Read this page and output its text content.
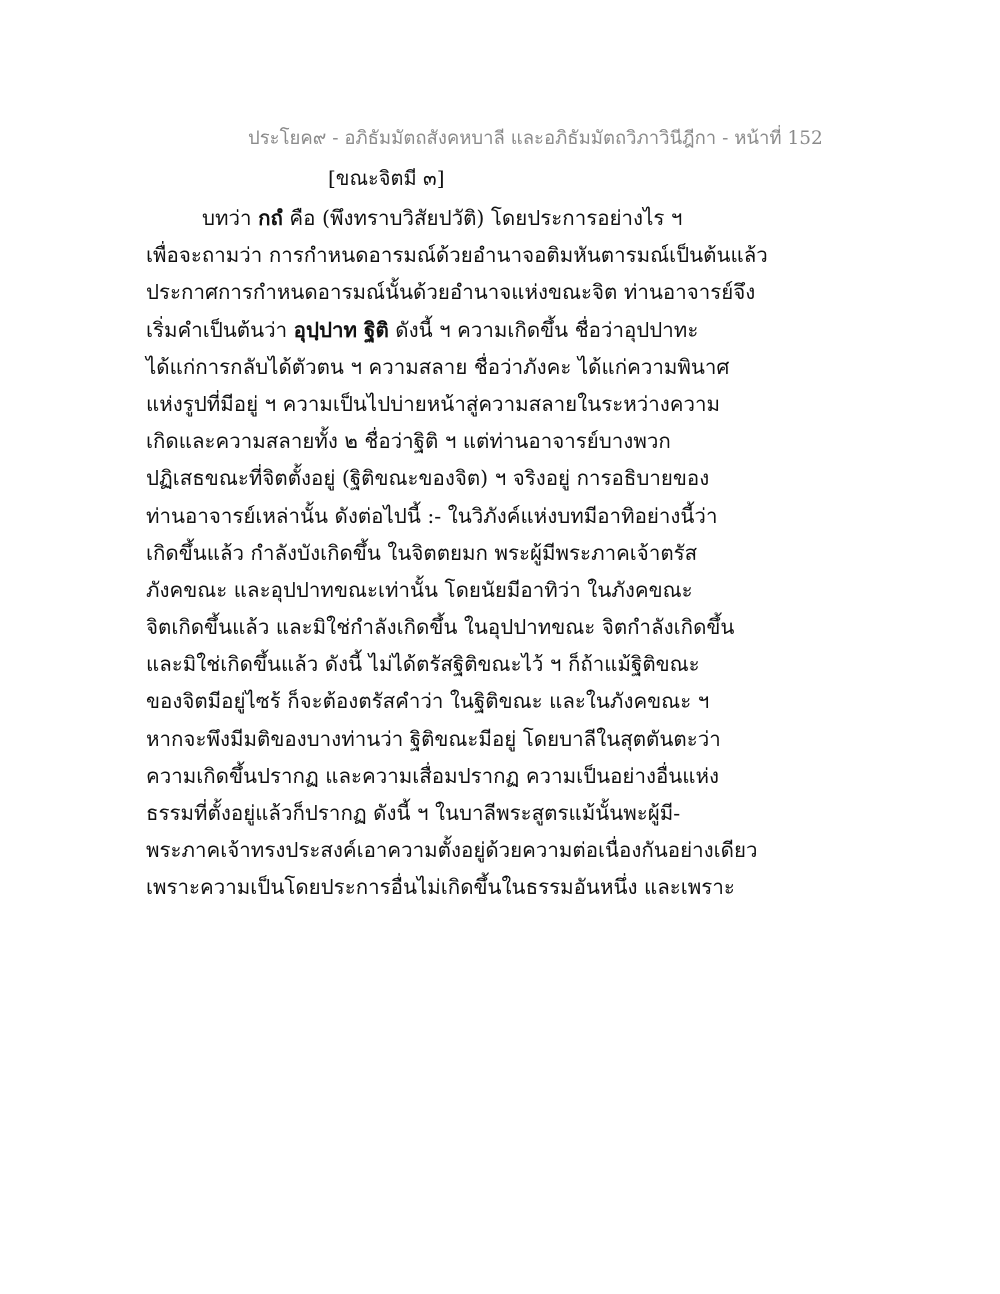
ประโยค๙ - อภิธัมมัตถสังคหบาลี และอภิธัมมัตถวิภาวินีฎีกา - หน้าที่ 152
[ขณะจิตมี ๓]
บทว่า กถํ คือ (พึงทราบวิสัยปวัติ) โดยประการอย่างไร ฯ
เพื่อจะถามว่า การกำหนดอารมณ์ด้วยอำนาจอติมหันตารมณ์เป็นต้นแล้ว
ประกาศการกำหนดอารมณ์นั้นด้วยอำนาจแห่งขณะจิต ท่านอาจารย์จึง
เริ่มคำเป็นต้นว่า อุปฺปาท ฐิติ ดังนี้ ฯ ความเกิดขึ้น ชื่อว่าอุปปาทะ
ได้แก่การกลับได้ตัวตน ฯ ความสลาย ชื่อว่าภังคะ ได้แก่ความพินาศ
แห่งรูปที่มีอยู่ ฯ ความเป็นไปบ่ายหน้าสู่ความสลายในระหว่างความ
เกิดและความสลายทั้ง ๒ ชื่อว่าฐิติ ฯ แต่ท่านอาจารย์บางพวก
ปฏิเสธขณะที่จิตตั้งอยู่ (ฐิติขณะของจิต) ฯ จริงอยู่ การอธิบายของ
ท่านอาจารย์เหล่านั้น ดังต่อไปนี้ :- ในวิภังค์แห่งบทมีอาทิอย่างนี้ว่า
เกิดขึ้นแล้ว กำลังบังเกิดขึ้น ในจิตตยมก พระผู้มีพระภาคเจ้าตรัส
ภังคขณะ และอุปปาทขณะเท่านั้น โดยนัยมีอาทิว่า ในภังคขณะ
จิตเกิดขึ้นแล้ว และมิใช่กำลังเกิดขึ้น ในอุปปาทขณะ จิตกำลังเกิดขึ้น
และมิใช่เกิดขึ้นแล้ว ดังนี้ ไม่ได้ตรัสฐิติขณะไว้ ฯ ก็ถ้าแม้ฐิติขณะ
ของจิตมีอยู่ไซร้ ก็จะต้องตรัสคำว่า ในฐิติขณะ และในภังคขณะ ฯ
หากจะพึงมีมติของบางท่านว่า ฐิติขณะมีอยู่ โดยบาลีในสุตตันตะว่า
ความเกิดขึ้นปรากฏ และความเสื่อมปรากฏ ความเป็นอย่างอื่นแห่ง
ธรรมที่ตั้งอยู่แล้วก็ปรากฏ ดังนี้ ฯ ในบาลีพระสูตรแม้นั้นพะผู้มี-
พระภาคเจ้าทรงประสงค์เอาความตั้งอยู่ด้วยความต่อเนื่องกันอย่างเดียว
เพราะความเป็นโดยประการอื่นไม่เกิดขึ้นในธรรมอันหนึ่ง และเพราะ
